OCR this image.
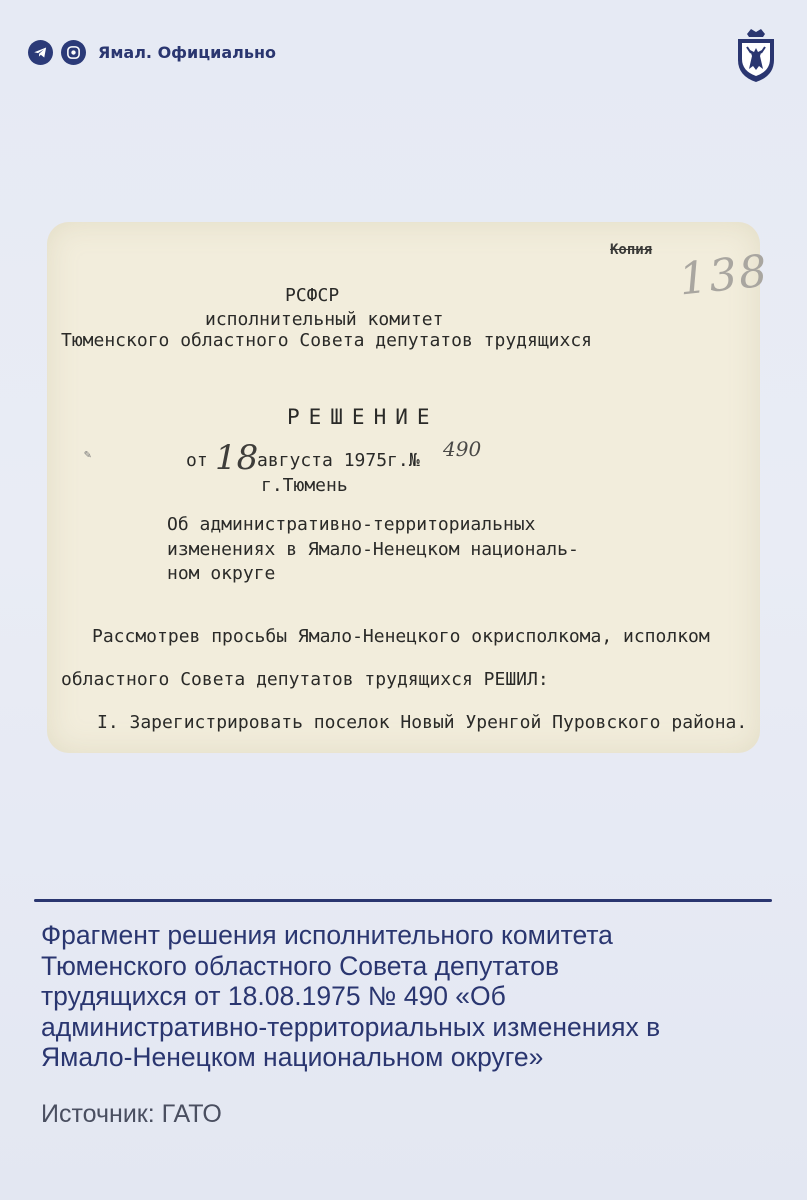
Ямал. Официально
Копия 138
РСФСР
исполнительный комитет
Тюменского областного Совета депутатов трудящихся
РЕШЕНИЕ
✎	от 18
августа 1975г. № 490
г.Тюмень
Об административно-территориальных
изменениях в Ямало-Ненецком националь-
ном округе
Рассмотрев просьбы Ямало-Ненецкого окрисполкома, исполком
областного Совета депутатов трудящихся РЕШИЛ:
I. Зарегистрировать поселок Новый Уренгой Пуровского района.

Фрагмент решения исполнительного комитета
Тюменского областного Совета депутатов
трудящихся от 18.08.1975 № 490 «Об
административно-территориальных изменениях в
Ямало-Ненецком национальном округе»

Источник: ГАТО
